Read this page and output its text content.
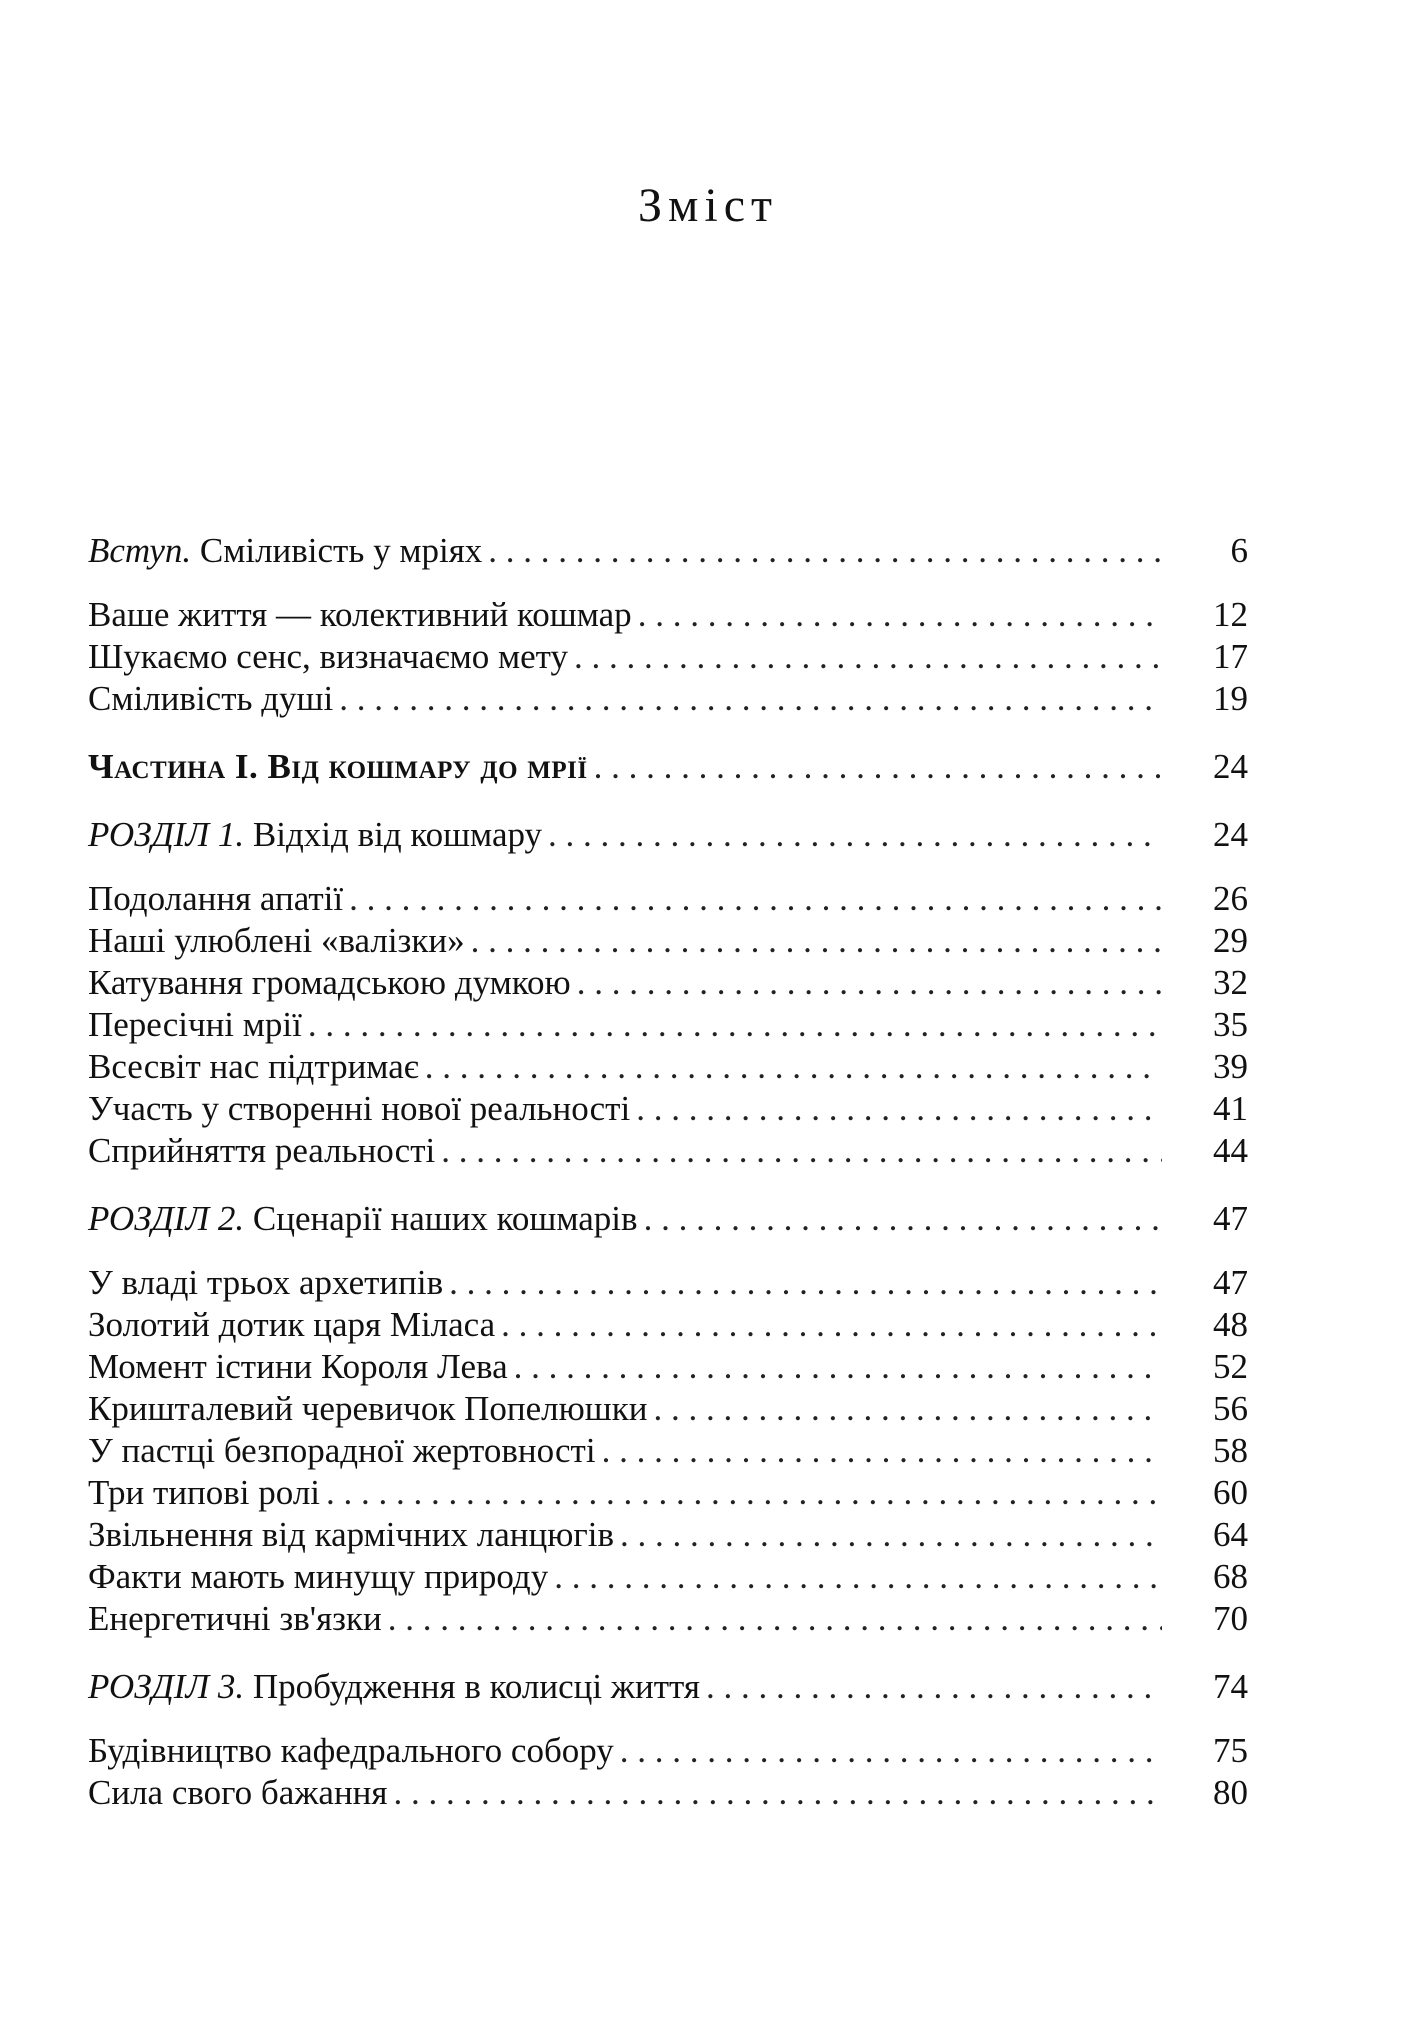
Зміст
Вступ. Сміливість у мріях . . .	6
Ваше життя — колективний кошмар . . .	12
Шукаємо сенс, визначаємо мету . . .	17
Сміливість душі . . .	19
Частина I. Від кошмару до мрії . . .	24
РОЗДІЛ 1. Відхід від кошмару . . .	24
Подолання апатії . . .	26
Наші улюблені «валізки» . . .	29
Катування громадською думкою . . .	32
Пересічні мрії . . .	35
Всесвіт нас підтримає . . .	39
Участь у створенні нової реальності . . .	41
Сприйняття реальності . . .	44
РОЗДІЛ 2. Сценарії наших кошмарів . . .	47
У владі трьох архетипів . . .	47
Золотий дотик царя Міласа . . .	48
Момент істини Короля Лева . . .	52
Кришталевий черевичок Попелюшки . . .	56
У пастці безпорадної жертовності . . .	58
Три типові ролі . . .	60
Звільнення від кармічних ланцюгів . . .	64
Факти мають минущу природу . . .	68
Енергетичні зв'язки . . .	70
РОЗДІЛ 3. Пробудження в колисці життя . . .	74
Будівництво кафедрального собору . . .	75
Сила свого бажання . . .	80
